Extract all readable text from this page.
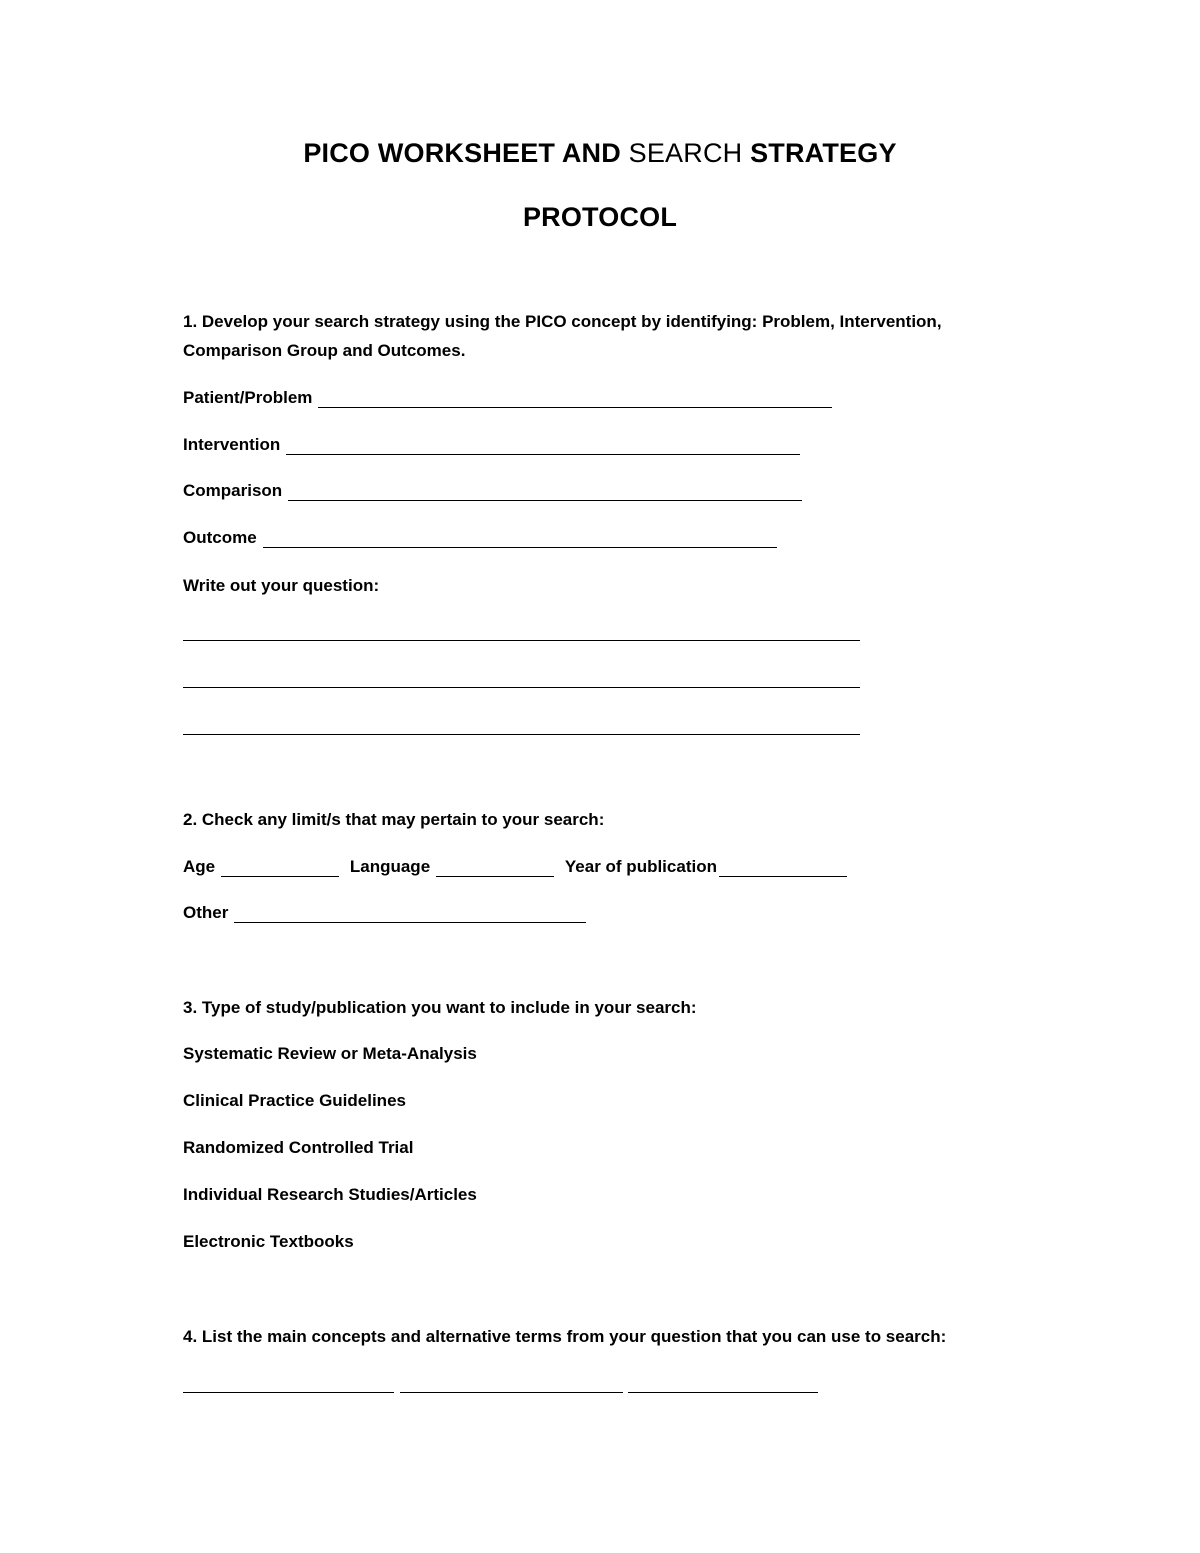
PICO WORKSHEET AND SEARCH STRATEGY
PROTOCOL
1. Develop your search strategy using the PICO concept by identifying: Problem, Intervention,
Comparison Group and Outcomes.
Patient/Problem
Intervention
Comparison
Outcome
Write out your question:
2. Check any limit/s that may pertain to your search:
Age	Language	Year of publication
Other
3. Type of study/publication you want to include in your search:
Systematic Review or Meta-Analysis
Clinical Practice Guidelines
Randomized Controlled Trial
Individual Research Studies/Articles
Electronic Textbooks
4. List the main concepts and alternative terms from your question that you can use to search:
